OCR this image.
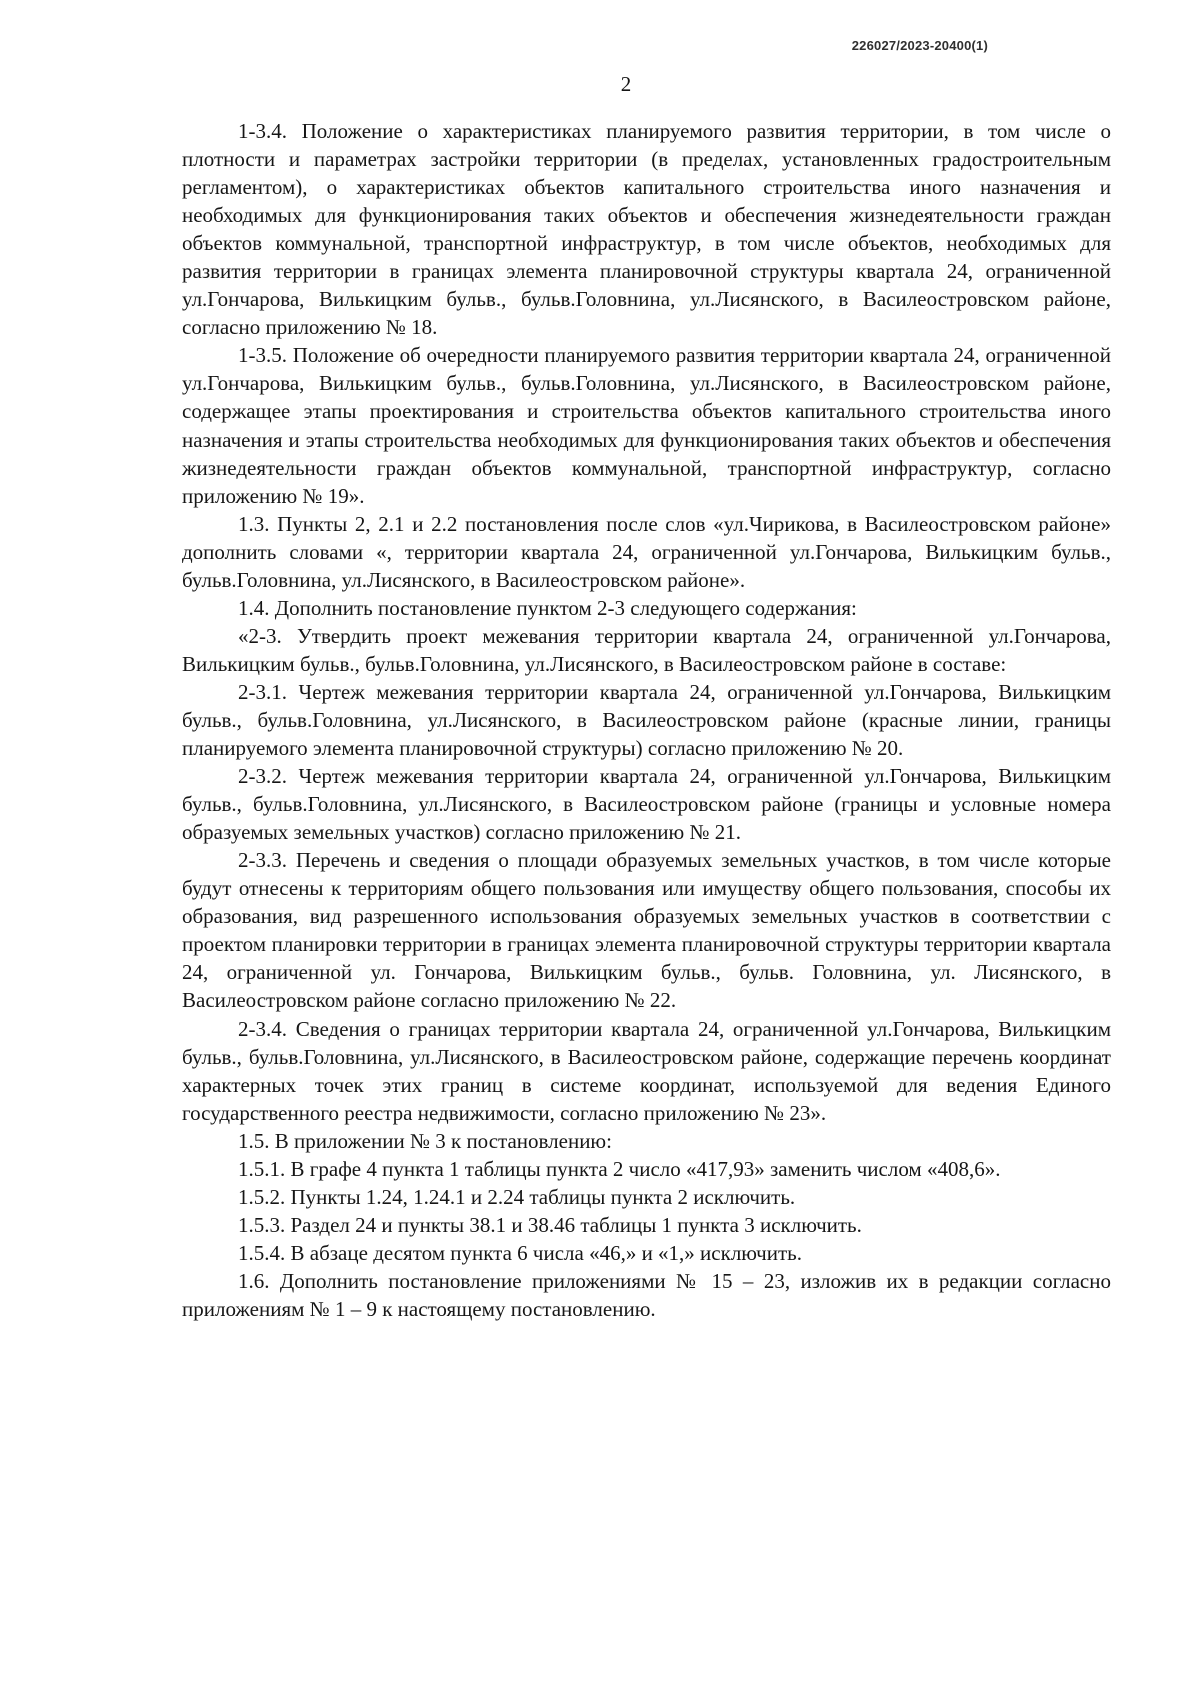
226027/2023-20400(1)
2

1-3.4. Положение о характеристиках планируемого развития территории, в том числе о плотности и параметрах застройки территории (в пределах, установленных градостроительным регламентом), о характеристиках объектов капитального строительства иного назначения и необходимых для функционирования таких объектов и обеспечения жизнедеятельности граждан объектов коммунальной, транспортной инфраструктур, в том числе объектов, необходимых для развития территории в границах элемента планировочной структуры квартала 24, ограниченной ул.Гончарова, Вилькицким бульв., бульв.Головнина, ул.Лисянского, в Василеостровском районе, согласно приложению № 18.

1-3.5. Положение об очередности планируемого развития территории квартала 24, ограниченной ул.Гончарова, Вилькицким бульв., бульв.Головнина, ул.Лисянского, в Василеостровском районе, содержащее этапы проектирования и строительства объектов капитального строительства иного назначения и этапы строительства необходимых для функционирования таких объектов и обеспечения жизнедеятельности граждан объектов коммунальной, транспортной инфраструктур, согласно приложению № 19».

1.3. Пункты 2, 2.1 и 2.2 постановления после слов «ул.Чирикова, в Василеостровском районе» дополнить словами «, территории квартала 24, ограниченной ул.Гончарова, Вилькицким бульв., бульв.Головнина, ул.Лисянского, в Василеостровском районе».

1.4. Дополнить постановление пунктом 2-3 следующего содержания:

«2-3. Утвердить проект межевания территории квартала 24, ограниченной ул.Гончарова, Вилькицким бульв., бульв.Головнина, ул.Лисянского, в Василеостровском районе в составе:

2-3.1. Чертеж межевания территории квартала 24, ограниченной ул.Гончарова, Вилькицким бульв., бульв.Головнина, ул.Лисянского, в Василеостровском районе (красные линии, границы планируемого элемента планировочной структуры) согласно приложению № 20.

2-3.2. Чертеж межевания территории квартала 24, ограниченной ул.Гончарова, Вилькицким бульв., бульв.Головнина, ул.Лисянского, в Василеостровском районе (границы и условные номера образуемых земельных участков) согласно приложению № 21.

2-3.3. Перечень и сведения о площади образуемых земельных участков, в том числе которые будут отнесены к территориям общего пользования или имуществу общего пользования, способы их образования, вид разрешенного использования образуемых земельных участков в соответствии с проектом планировки территории в границах элемента планировочной структуры территории квартала 24, ограниченной ул. Гончарова, Вилькицким бульв., бульв. Головнина, ул. Лисянского, в Василеостровском районе согласно приложению № 22.

2-3.4. Сведения о границах территории квартала 24, ограниченной ул.Гончарова, Вилькицким бульв., бульв.Головнина, ул.Лисянского, в Василеостровском районе, содержащие перечень координат характерных точек этих границ в системе координат, используемой для ведения Единого государственного реестра недвижимости, согласно приложению № 23».

1.5. В приложении № 3 к постановлению:

1.5.1. В графе 4 пункта 1 таблицы пункта 2 число «417,93» заменить числом «408,6».

1.5.2. Пункты 1.24, 1.24.1 и 2.24 таблицы пункта 2 исключить.

1.5.3. Раздел 24 и пункты 38.1 и 38.46 таблицы 1 пункта 3 исключить.

1.5.4. В абзаце десятом пункта 6 числа «46,» и «1,» исключить.

1.6. Дополнить постановление приложениями № 15 – 23, изложив их в редакции согласно приложениям № 1 – 9 к настоящему постановлению.
